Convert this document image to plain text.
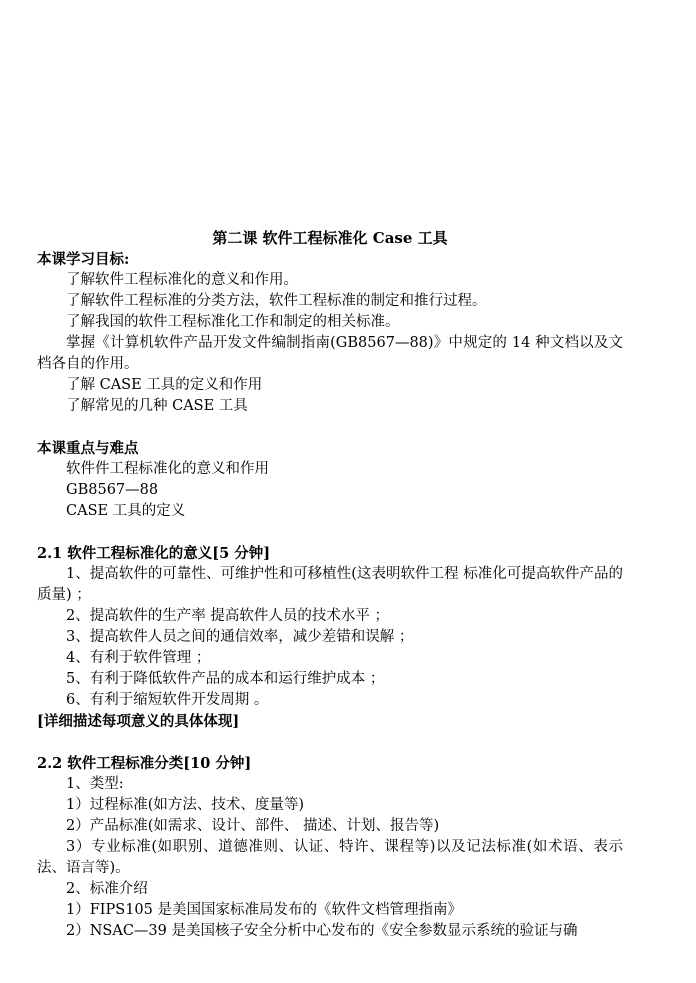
第二课 软件工程标准化 Case 工具

本课学习目标:

了解软件工程标准化的意义和作用。

了解软件工程标准的分类方法，软件工程标准的制定和推行过程。

了解我国的软件工程标准化工作和制定的相关标准。

掌握《计算机软件产品开发文件编制指南(GB8567—88)》中规定的 14 种文档以及文档各自的作用。

了解 CASE 工具的定义和作用

了解常见的几种 CASE 工具

本课重点与难点

软件件工程标准化的意义和作用

GB8567—88

CASE 工具的定义

2.1 软件工程标准化的意义[5 分钟]

1、提高软件的可靠性、可维护性和可移植性(这表明软件工程 标准化可提高软件产品的质量) ；

2、提高软件的生产率 提高软件人员的技术水平 ；

3、提高软件人员之间的通信效率，减少差错和误解 ；

4、有利于软件管理 ；

5、有利于降低软件产品的成本和运行维护成本 ；

6、有利于缩短软件开发周期 。

[详细描述每项意义的具体体现]

2.2 软件工程标准分类[10 分钟]

1、类型:

1）过程标准(如方法、技术、度量等)

2）产品标准(如需求、设计、部件、 描述、计划、报告等)

3）专业标准(如职别、道德准则、认证、特许、课程等)以及记法标准(如术语、表示法、语言等)。

2、标准介绍

1）FIPS105 是美国国家标准局发布的《软件文档管理指南》

2）NSAC—39 是美国核子安全分析中心发布的《安全参数显示系统的验证与确
